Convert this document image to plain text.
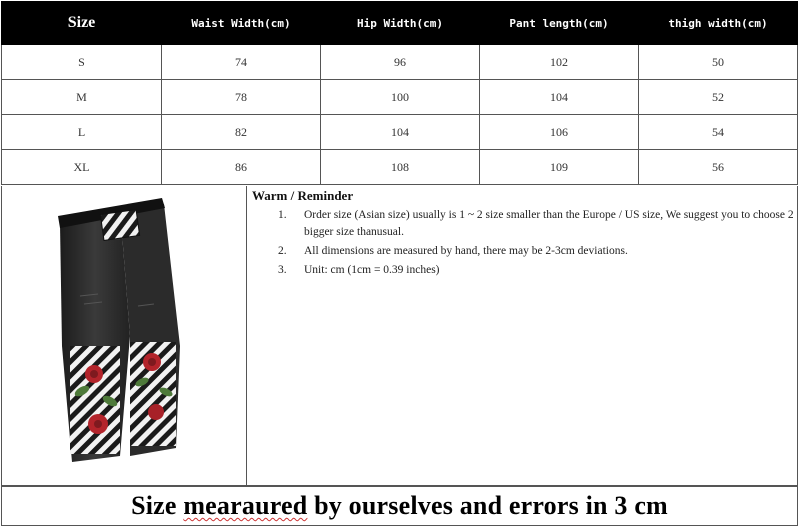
Size	Waist Width(cm)	Hip Width(cm)	Pant length(cm)	thigh width(cm)
S	74	96	102	50
M	78	100	104	52
L	82	104	106	54
XL	86	108	109	56
Warm / Reminder
1.	Order size (Asian size) usually is 1 ~ 2 size smaller than the Europe / US size, We suggest you to choose 2 bigger size thanusual.
2.	All dimensions are measured by hand, there may be 2-3cm deviations.
3.	Unit: cm (1cm = 0.39 inches)
Size mearaured by ourselves and errors in 3 cm
